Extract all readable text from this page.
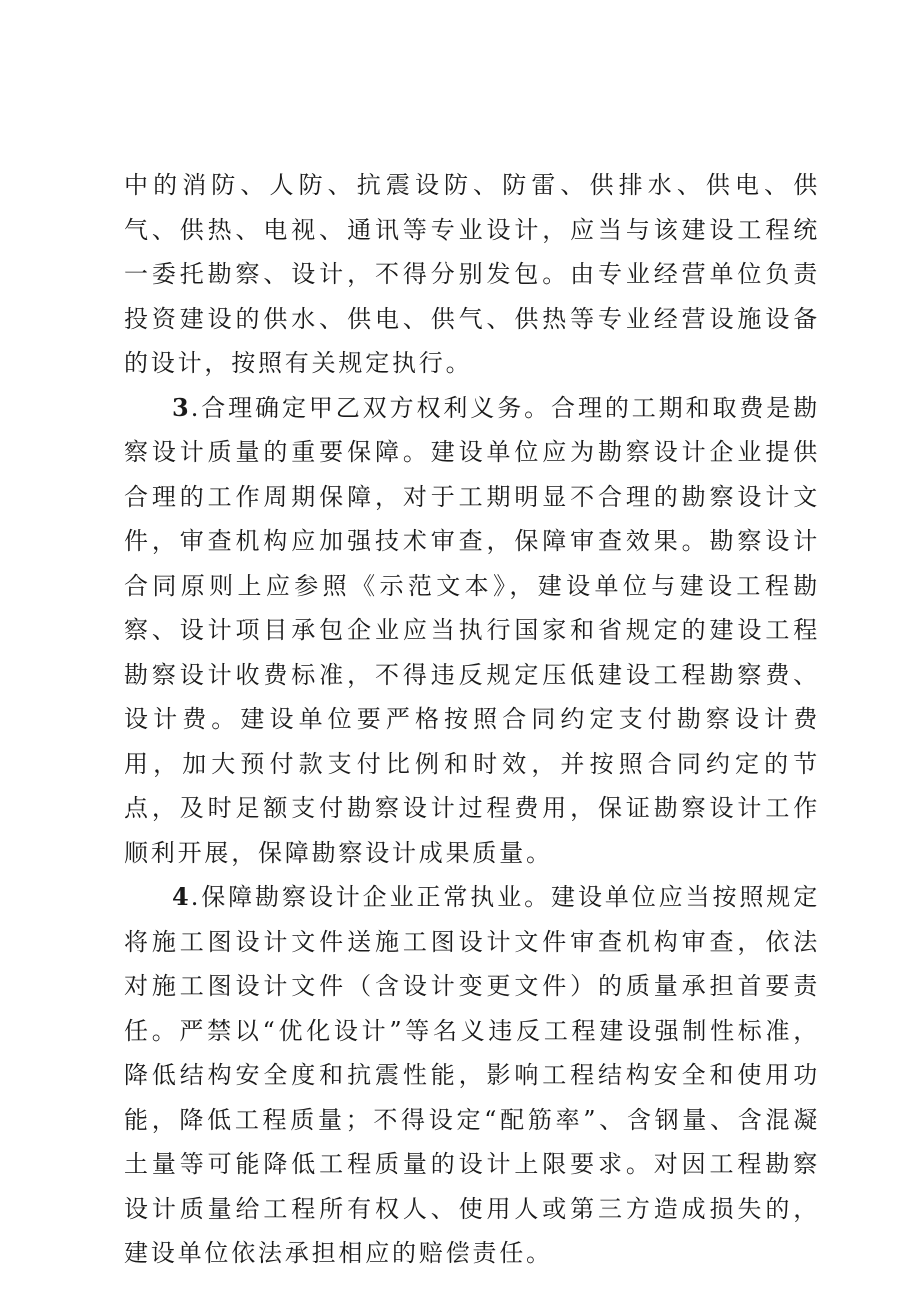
中的消防、人防、抗震设防、防雷、供排水、供电、供气、供热、电视、通讯等专业设计，应当与该建设工程统一委托勘察、设计，不得分别发包。由专业经营单位负责投资建设的供水、供电、供气、供热等专业经营设施设备的设计，按照有关规定执行。

3.合理确定甲乙双方权利义务。合理的工期和取费是勘察设计质量的重要保障。建设单位应为勘察设计企业提供合理的工作周期保障，对于工期明显不合理的勘察设计文件，审查机构应加强技术审查，保障审查效果。勘察设计合同原则上应参照《示范文本》，建设单位与建设工程勘察、设计项目承包企业应当执行国家和省规定的建设工程勘察设计收费标准，不得违反规定压低建设工程勘察费、设计费。建设单位要严格按照合同约定支付勘察设计费用，加大预付款支付比例和时效，并按照合同约定的节点，及时足额支付勘察设计过程费用，保证勘察设计工作顺利开展，保障勘察设计成果质量。

4.保障勘察设计企业正常执业。建设单位应当按照规定将施工图设计文件送施工图设计文件审查机构审查，依法对施工图设计文件（含设计变更文件）的质量承担首要责任。严禁以“优化设计”等名义违反工程建设强制性标准，降低结构安全度和抗震性能，影响工程结构安全和使用功能，降低工程质量；不得设定“配筋率”、含钢量、含混凝土量等可能降低工程质量的设计上限要求。对因工程勘察设计质量给工程所有权人、使用人或第三方造成损失的，建设单位依法承担相应的赔偿责任。
